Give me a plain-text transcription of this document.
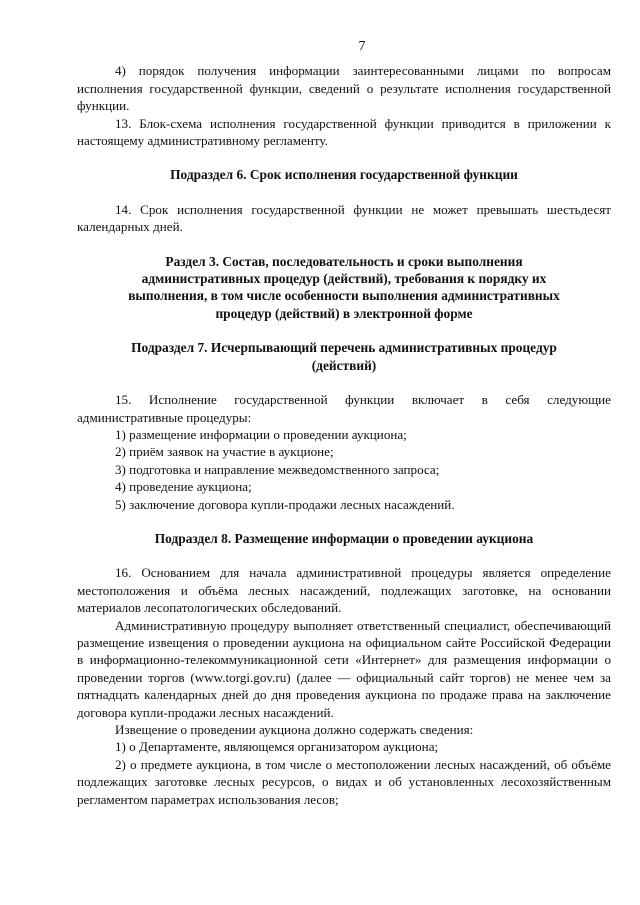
7

4) порядок получения информации заинтересованными лицами по вопросам исполнения государственной функции, сведений о результате исполнения государственной функции.

13. Блок-схема исполнения государственной функции приводится в приложении к настоящему административному регламенту.

Подраздел 6. Срок исполнения государственной функции

14. Срок исполнения государственной функции не может превышать шестьдесят календарных дней.

Раздел 3. Состав, последовательность и сроки выполнения административных процедур (действий), требования к порядку их выполнения, в том числе особенности выполнения административных процедур (действий) в электронной форме
Подраздел 7. Исчерпывающий перечень административных процедур (действий)

15. Исполнение государственной функции включает в себя следующие административные процедуры:

1) размещение информации о проведении аукциона;

2) приём заявок на участие в аукционе;

3) подготовка и направление межведомственного запроса;

4) проведение аукциона;

5) заключение договора купли-продажи лесных насаждений.

Подраздел 8. Размещение информации о проведении аукциона

16. Основанием для начала административной процедуры является определение местоположения и объёма лесных насаждений, подлежащих заготовке, на основании материалов лесопатологических обследований.

Административную процедуру выполняет ответственный специалист, обеспечивающий размещение извещения о проведении аукциона на официальном сайте Российской Федерации в информационно-телекоммуникационной сети «Интернет» для размещения информации о проведении торгов (www.torgi.gov.ru) (далее — официальный сайт торгов) не менее чем за пятнадцать календарных дней до дня проведения аукциона по продаже права на заключение договора купли-продажи лесных насаждений.

Извещение о проведении аукциона должно содержать сведения:

1) о Департаменте, являющемся организатором аукциона;

2) о предмете аукциона, в том числе о местоположении лесных насаждений, об объёме подлежащих заготовке лесных ресурсов, о видах и об установленных лесохозяйственным регламентом параметрах использования лесов;
